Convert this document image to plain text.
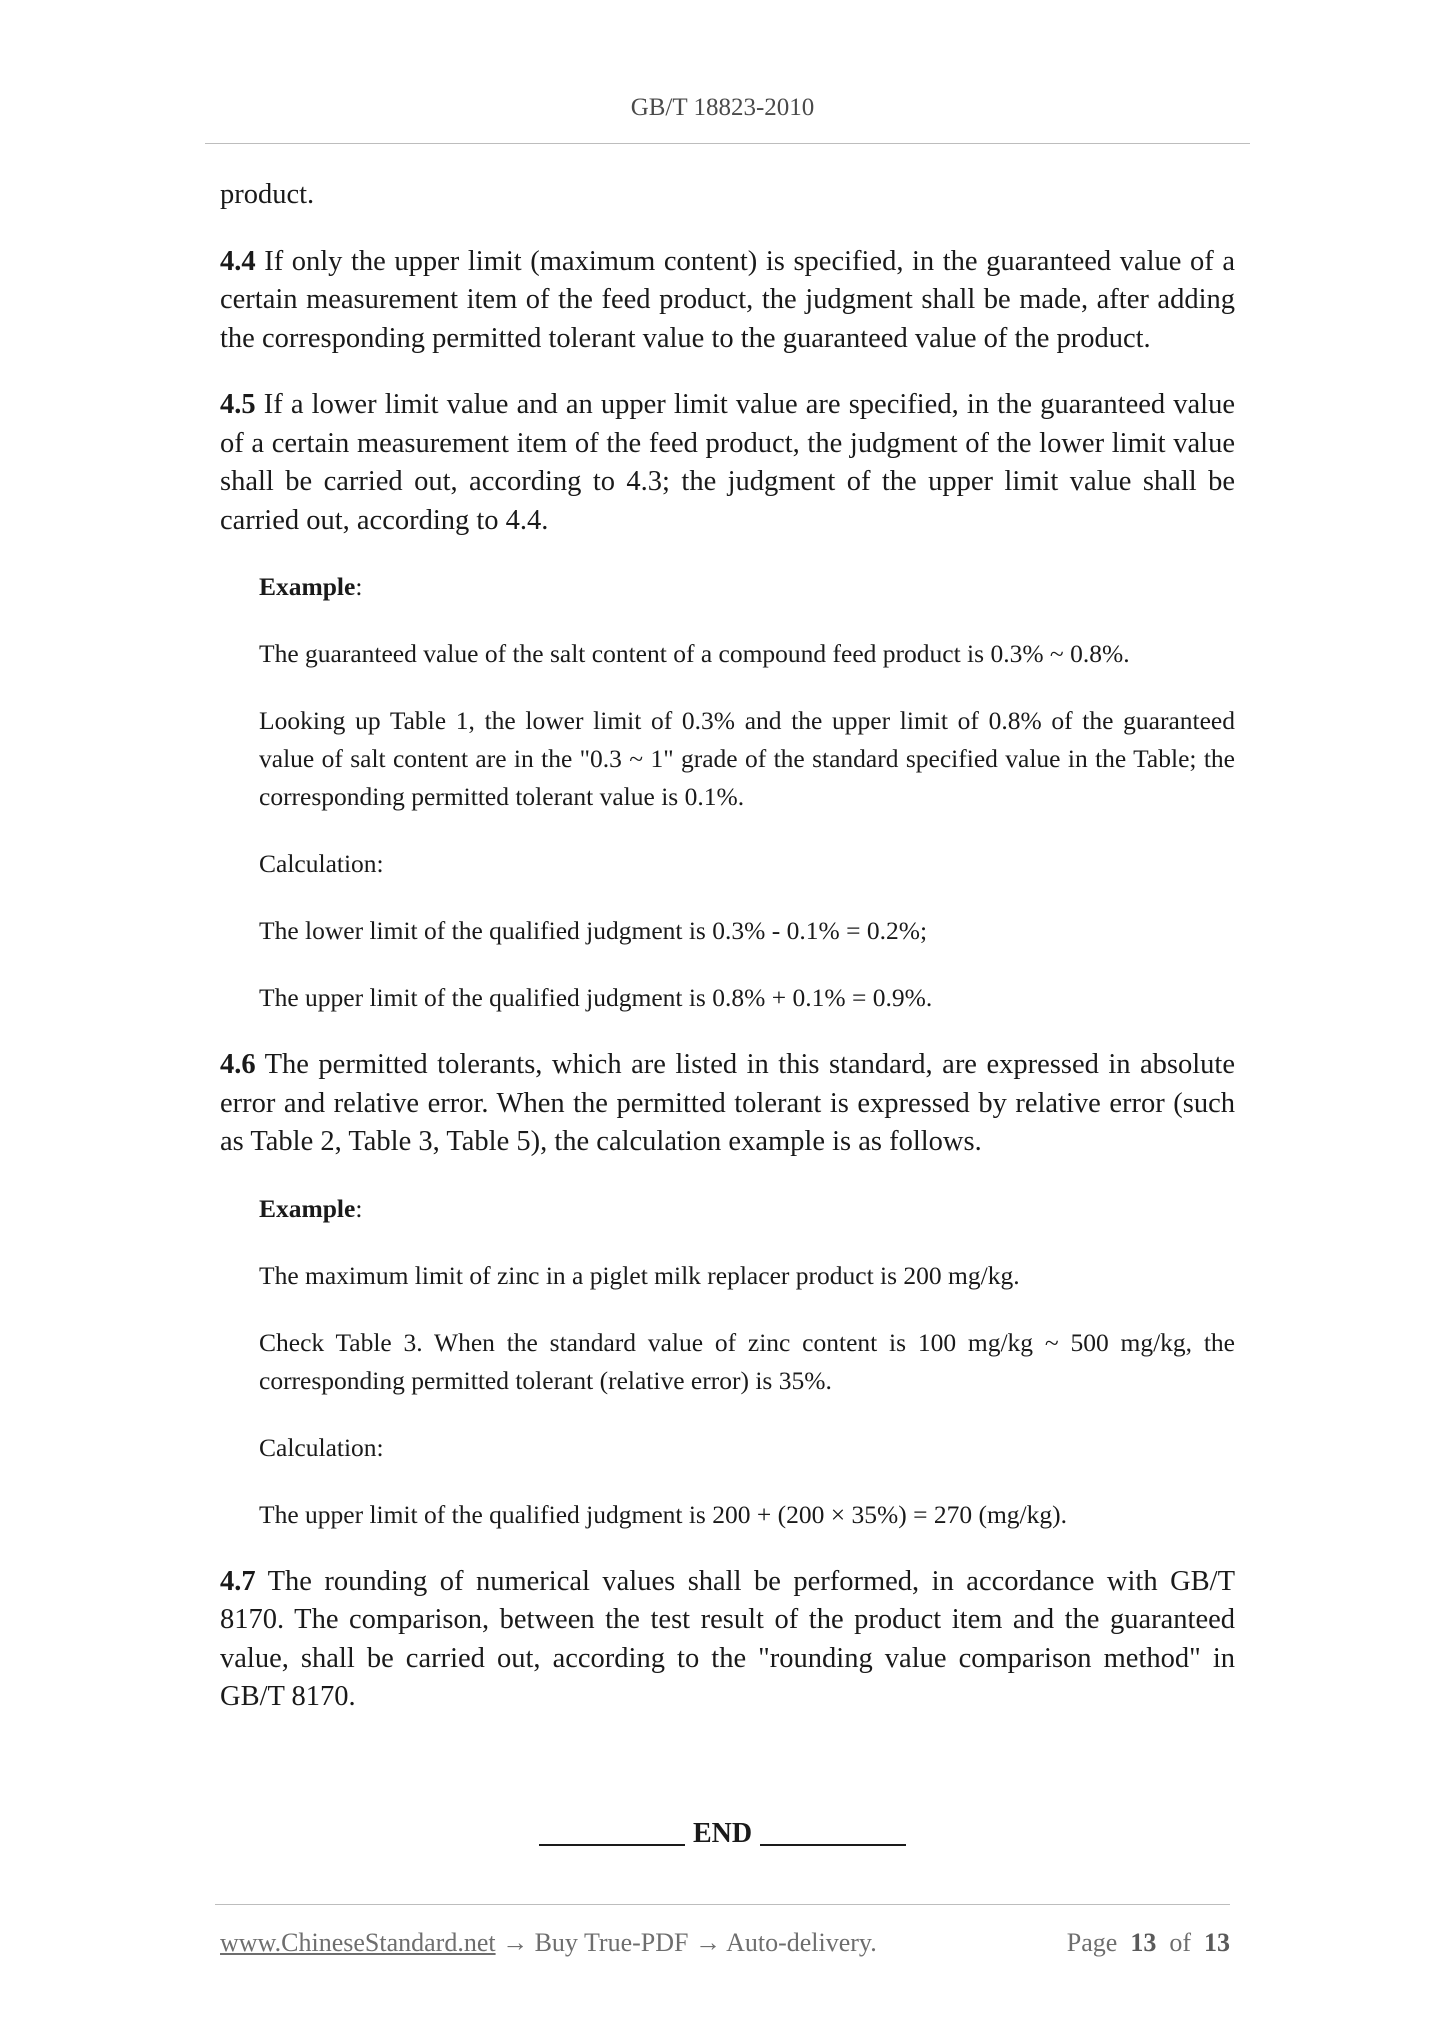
GB/T 18823-2010

product.

4.4 If only the upper limit (maximum content) is specified, in the guaranteed value of a certain measurement item of the feed product, the judgment shall be made, after adding the corresponding permitted tolerant value to the guaranteed value of the product.

4.5 If a lower limit value and an upper limit value are specified, in the guaranteed value of a certain measurement item of the feed product, the judgment of the lower limit value shall be carried out, according to 4.3; the judgment of the upper limit value shall be carried out, according to 4.4.

Example:

The guaranteed value of the salt content of a compound feed product is 0.3% ~ 0.8%.

Looking up Table 1, the lower limit of 0.3% and the upper limit of 0.8% of the guaranteed value of salt content are in the "0.3 ~ 1" grade of the standard specified value in the Table; the corresponding permitted tolerant value is 0.1%.

Calculation:

The lower limit of the qualified judgment is 0.3% - 0.1% = 0.2%;

The upper limit of the qualified judgment is 0.8% + 0.1% = 0.9%.

4.6 The permitted tolerants, which are listed in this standard, are expressed in absolute error and relative error. When the permitted tolerant is expressed by relative error (such as Table 2, Table 3, Table 5), the calculation example is as follows.

Example:

The maximum limit of zinc in a piglet milk replacer product is 200 mg/kg.

Check Table 3. When the standard value of zinc content is 100 mg/kg ~ 500 mg/kg, the corresponding permitted tolerant (relative error) is 35%.

Calculation:

The upper limit of the qualified judgment is 200 + (200 × 35%) = 270 (mg/kg).

4.7 The rounding of numerical values shall be performed, in accordance with GB/T 8170. The comparison, between the test result of the product item and the guaranteed value, shall be carried out, according to the "rounding value comparison method" in GB/T 8170.

END
www.ChineseStandard.net → Buy True-PDF → Auto-delivery.	Page 13 of 13
